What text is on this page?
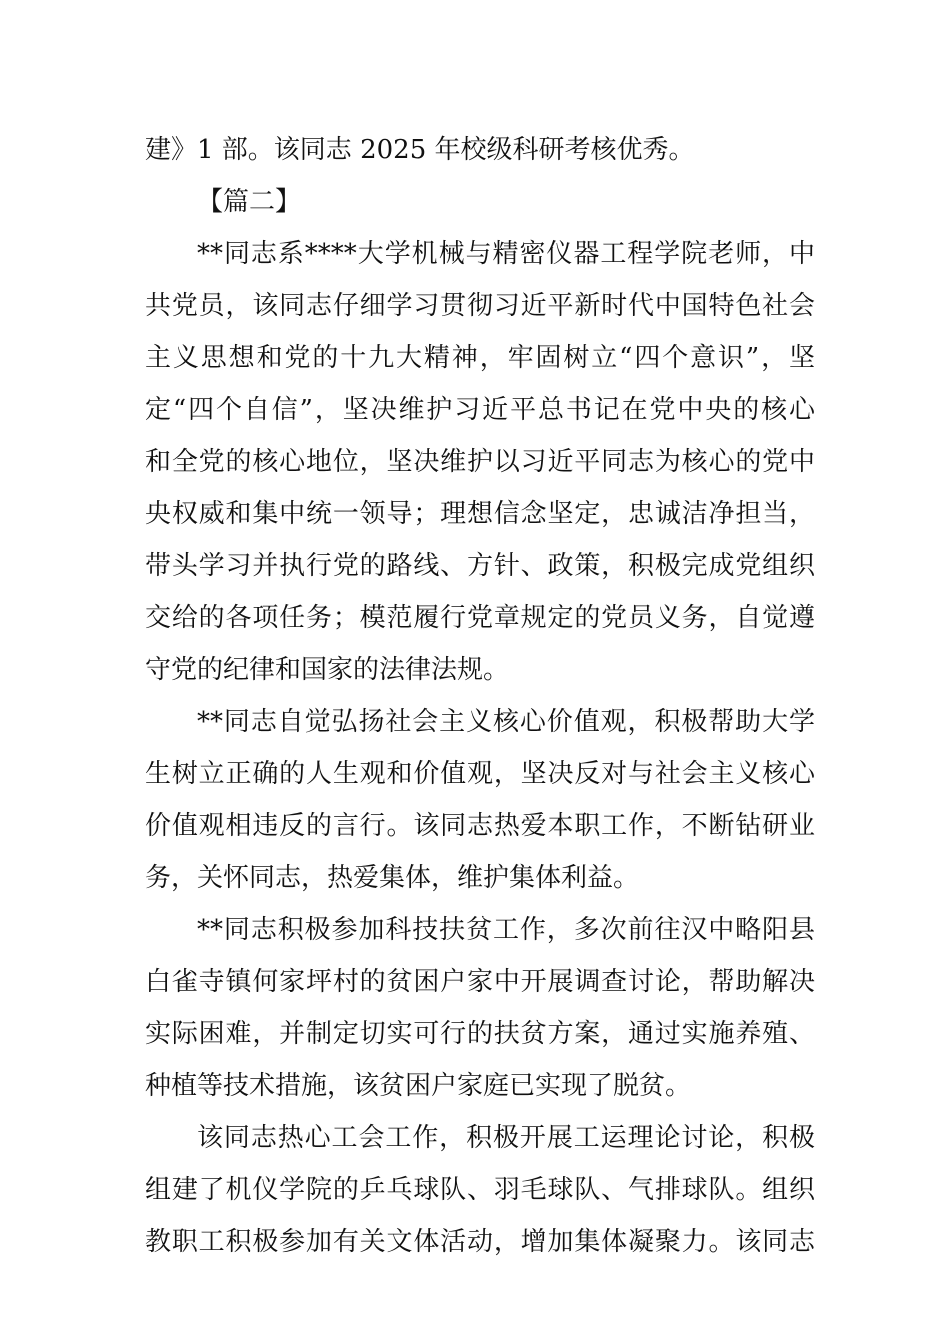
建》1 部。该同志 2025 年校级科研考核优秀。
【篇二】
**同志系****大学机械与精密仪器工程学院老师，中
共党员，该同志仔细学习贯彻习近平新时代中国特色社会
主义思想和党的十九大精神，牢固树立“四个意识”，坚
定“四个自信”，坚决维护习近平总书记在党中央的核心
和全党的核心地位，坚决维护以习近平同志为核心的党中
央权威和集中统一领导；理想信念坚定，忠诚洁净担当，
带头学习并执行党的路线、方针、政策，积极完成党组织
交给的各项任务；模范履行党章规定的党员义务，自觉遵
守党的纪律和国家的法律法规。
**同志自觉弘扬社会主义核心价值观，积极帮助大学
生树立正确的人生观和价值观，坚决反对与社会主义核心
价值观相违反的言行。该同志热爱本职工作，不断钻研业
务，关怀同志，热爱集体，维护集体利益。
**同志积极参加科技扶贫工作，多次前往汉中略阳县
白雀寺镇何家坪村的贫困户家中开展调查讨论，帮助解决
实际困难，并制定切实可行的扶贫方案，通过实施养殖、
种植等技术措施，该贫困户家庭已实现了脱贫。
该同志热心工会工作，积极开展工运理论讨论，积极
组建了机仪学院的乒乓球队、羽毛球队、气排球队。组织
教职工积极参加有关文体活动，增加集体凝聚力。该同志
